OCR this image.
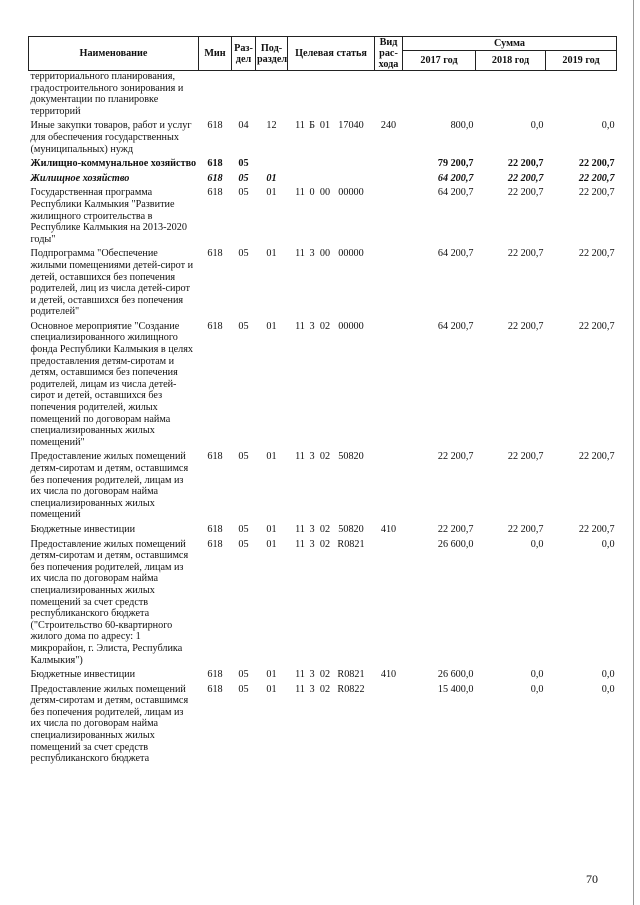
Наименование	Мин	Раз-дел	Под-раздел	Целевая статья	Вид рас-хода	Сумма		
						2017 год	2018 год	2019 год
территориального планирования, градостроительного зонирования и документации по планировке территорий								
Иные закупки товаров, работ и услуг для обеспечения государственных (муниципальных) нужд	618	04	12	11 Б 01 17040	240	800,0	0,0	0,0
Жилищно-коммунальное хозяйство	618	05				79 200,7	22 200,7	22 200,7
Жилищное хозяйство	618	05	01			64 200,7	22 200,7	22 200,7
Государственная программа Республики Калмыкия "Развитие жилищного строительства в Республике Калмыкия на 2013-2020 годы"	618	05	01	11 0 00 00000		64 200,7	22 200,7	22 200,7
Подпрограмма "Обеспечение жилыми помещениями детей-сирот и детей, оставшихся без попечения родителей, лиц из числа детей-сирот и детей, оставшихся без попечения родителей"	618	05	01	11 3 00 00000		64 200,7	22 200,7	22 200,7
Основное мероприятие "Создание специализированного жилищного фонда Республики Калмыкия в целях предоставления детям-сиротам и детям, оставшимся без попечения родителей, лицам из числа детей-сирот и детей, оставшихся без попечения родителей, жилых помещений по договорам найма специализированных жилых помещений"	618	05	01	11 3 02 00000		64 200,7	22 200,7	22 200,7
Предоставление жилых помещений детям-сиротам и детям, оставшимся без попечения родителей, лицам из их числа по договорам найма специализированных жилых помещений	618	05	01	11 3 02 50820		22 200,7	22 200,7	22 200,7
Бюджетные инвестиции	618	05	01	11 3 02 50820	410	22 200,7	22 200,7	22 200,7
Предоставление жилых помещений детям-сиротам и детям, оставшимся без попечения родителей, лицам из их числа по договорам найма специализированных жилых помещений за счет средств республиканского бюджета ("Строительство 60-квартирного жилого дома по адресу: 1 микрорайон, г. Элиста, Республика Калмыкия")	618	05	01	11 3 02 R0821		26 600,0	0,0	0,0
Бюджетные инвестиции	618	05	01	11 3 02 R0821	410	26 600,0	0,0	0,0
Предоставление жилых помещений детям-сиротам и детям, оставшимся без попечения родителей, лицам из их числа по договорам найма специализированных жилых помещений за счет средств республиканского бюджета	618	05	01	11 3 02 R0822		15 400,0	0,0	0,0
70
